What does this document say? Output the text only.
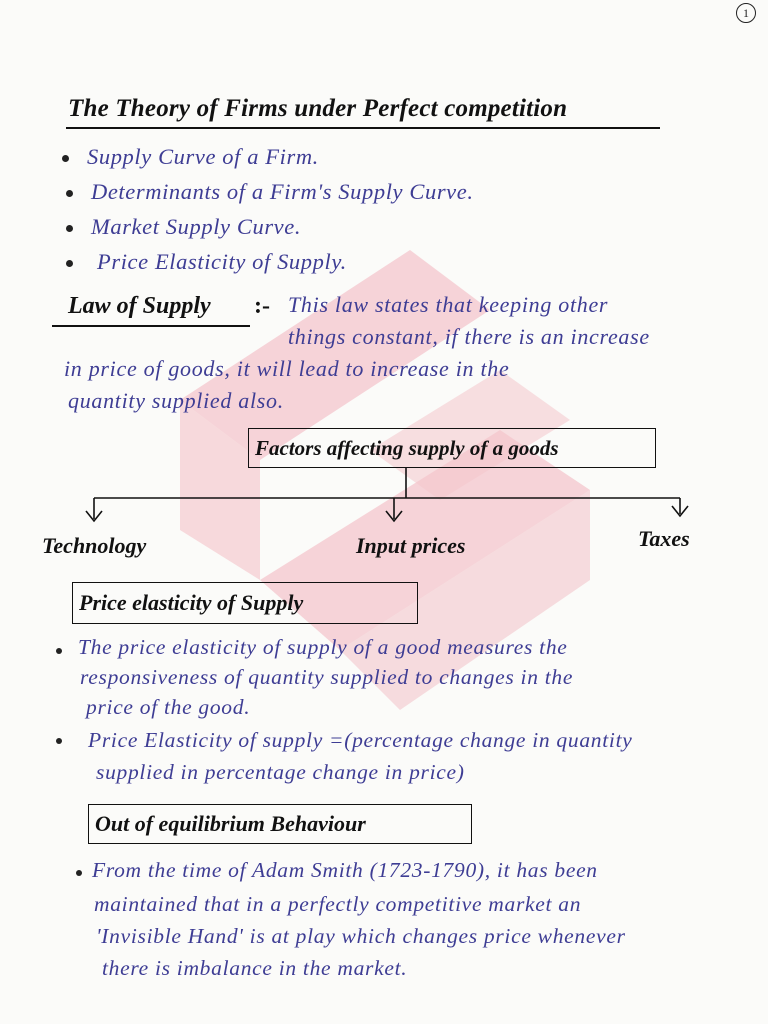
1
The Theory of Firms under Perfect competition
Supply Curve of a Firm.
Determinants of a Firm's Supply Curve.
Market Supply Curve.
Price Elasticity of Supply.
Law of Supply :- This law states that keeping other
things constant, if there is an increase
in price of goods, it will lead to increase in the
quantity supplied also.
Factors affecting supply of a goods
Technology	Input prices	Taxes
Price elasticity of Supply
The price elasticity of supply of a good measures the
responsiveness of quantity supplied to changes in the
price of the good.
Price Elasticity of supply =(percentage change in quantity
supplied in percentage change in price)
Out of equilibrium Behaviour
From the time of Adam Smith (1723-1790), it has been
maintained that in a perfectly competitive market an
'Invisible Hand' is at play which changes price whenever
there is imbalance in the market.
